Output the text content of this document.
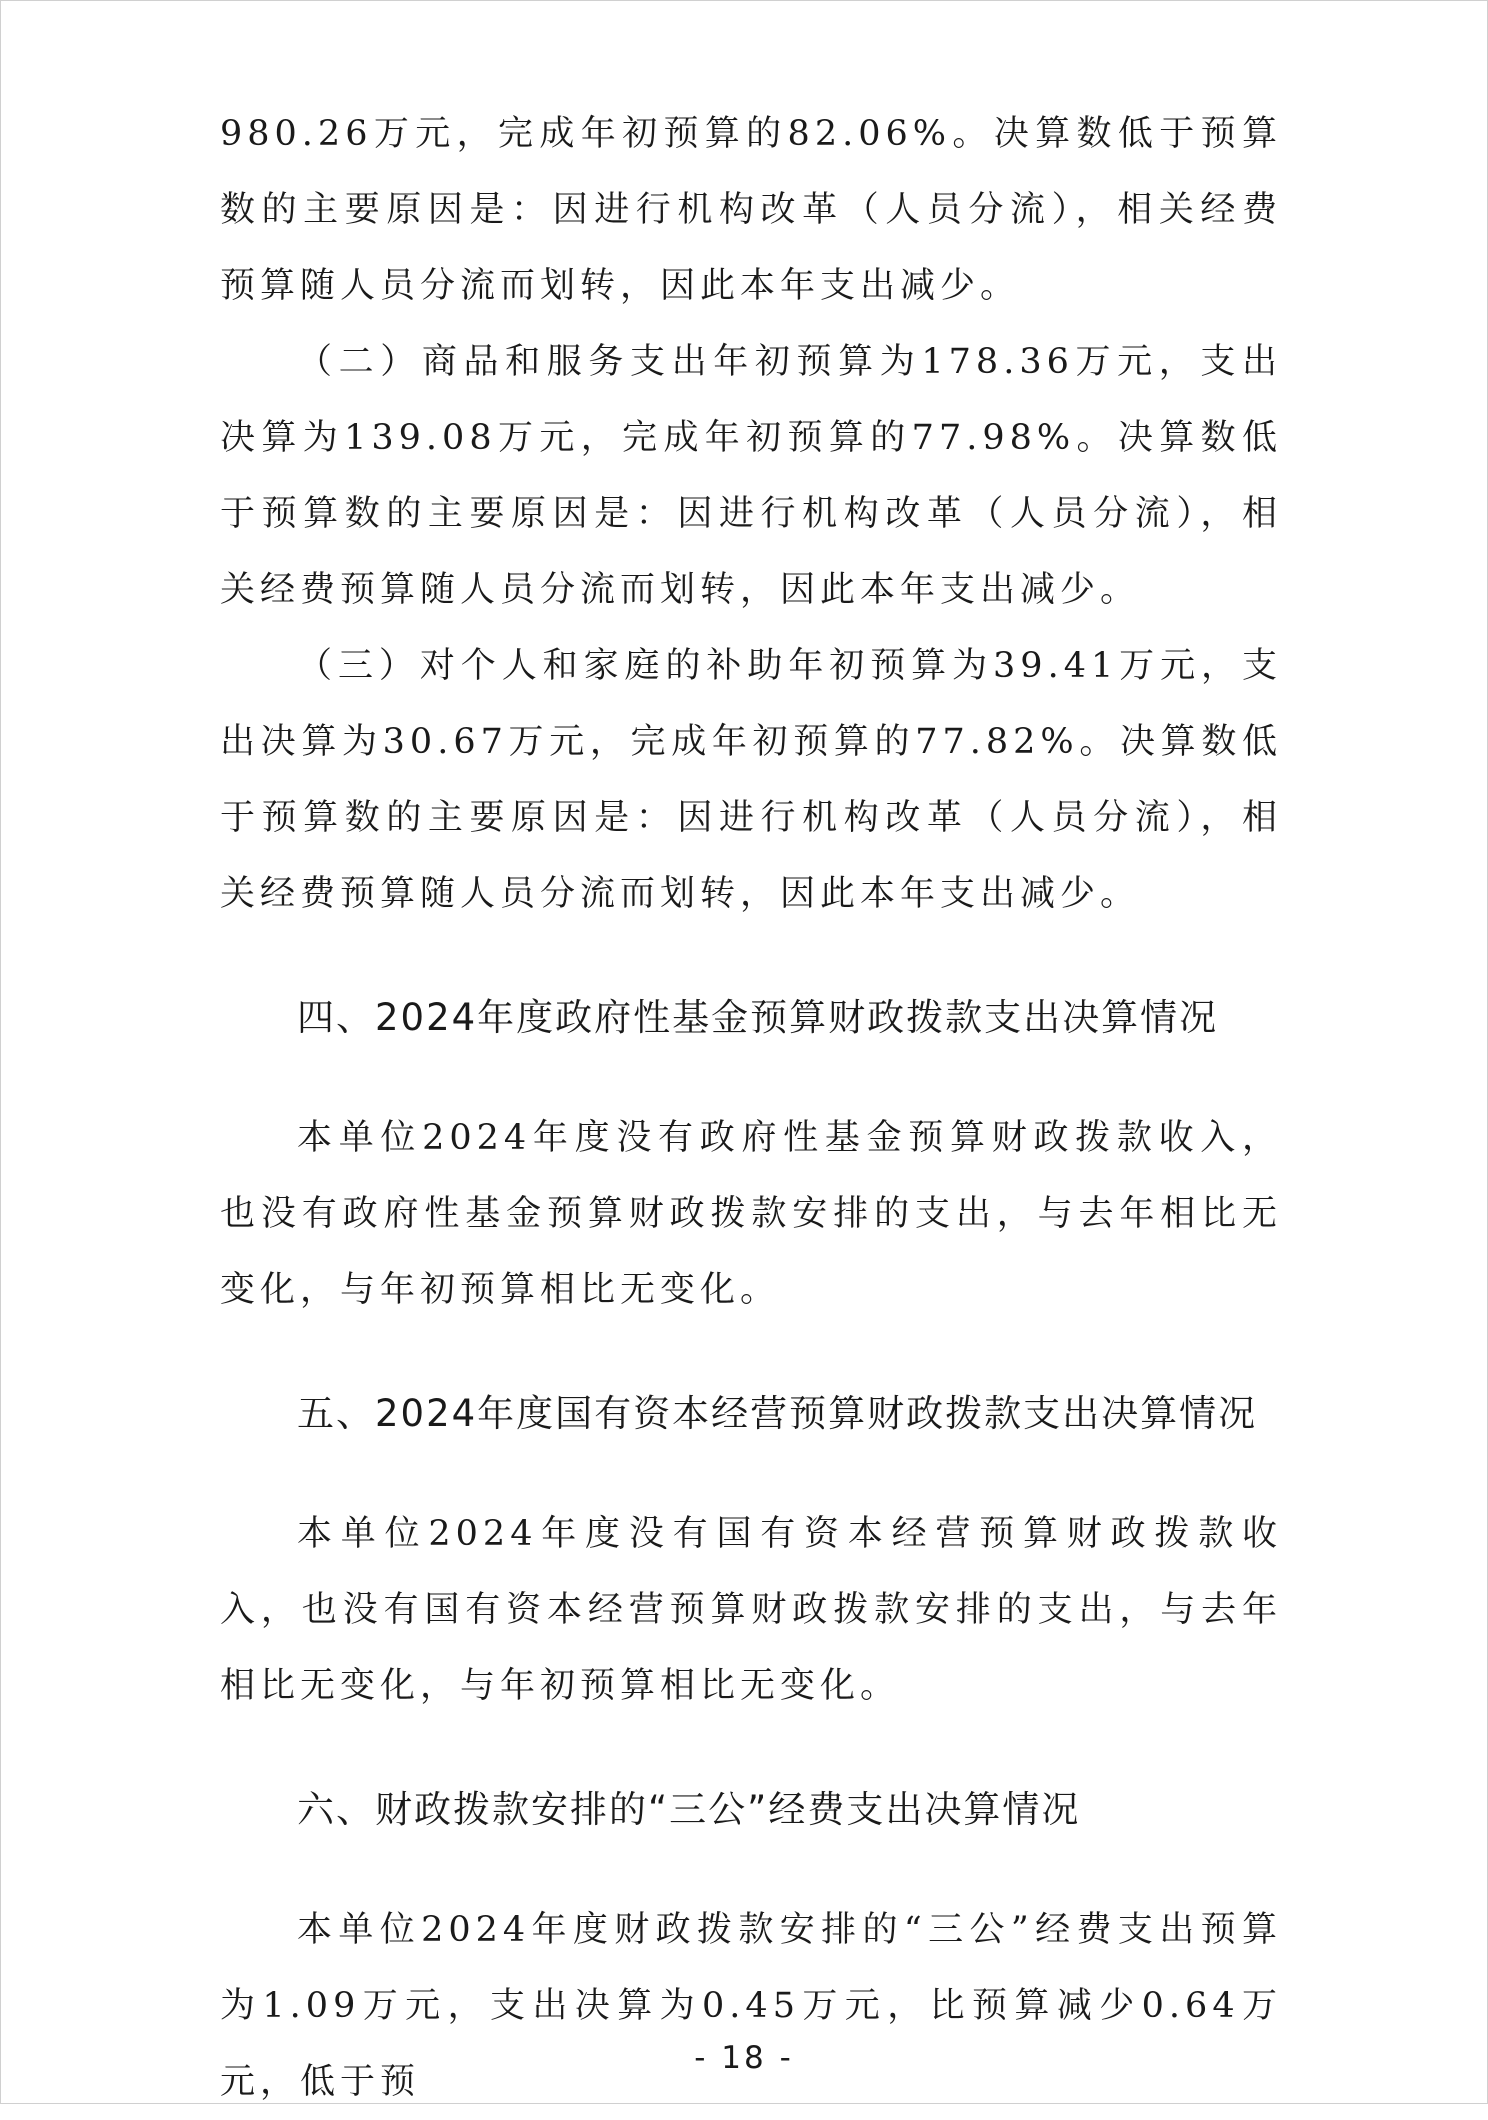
980.26万元，完成年初预算的82.06%。决算数低于预算数的主要原因是：因进行机构改革（人员分流），相关经费预算随人员分流而划转，因此本年支出减少。

（二）商品和服务支出年初预算为178.36万元，支出决算为139.08万元，完成年初预算的77.98%。决算数低于预算数的主要原因是：因进行机构改革（人员分流），相关经费预算随人员分流而划转，因此本年支出减少。

（三）对个人和家庭的补助年初预算为39.41万元，支出决算为30.67万元，完成年初预算的77.82%。决算数低于预算数的主要原因是：因进行机构改革（人员分流），相关经费预算随人员分流而划转，因此本年支出减少。

四、2024年度政府性基金预算财政拨款支出决算情况

本单位2024年度没有政府性基金预算财政拨款收入，也没有政府性基金预算财政拨款安排的支出，与去年相比无变化，与年初预算相比无变化。

五、2024年度国有资本经营预算财政拨款支出决算情况

本单位2024年度没有国有资本经营预算财政拨款收入，也没有国有资本经营预算财政拨款安排的支出，与去年相比无变化，与年初预算相比无变化。

六、财政拨款安排的“三公”经费支出决算情况

本单位2024年度财政拨款安排的“三公”经费支出预算为1.09万元，支出决算为0.45万元，比预算减少0.64万元，低于预

- 18 -
